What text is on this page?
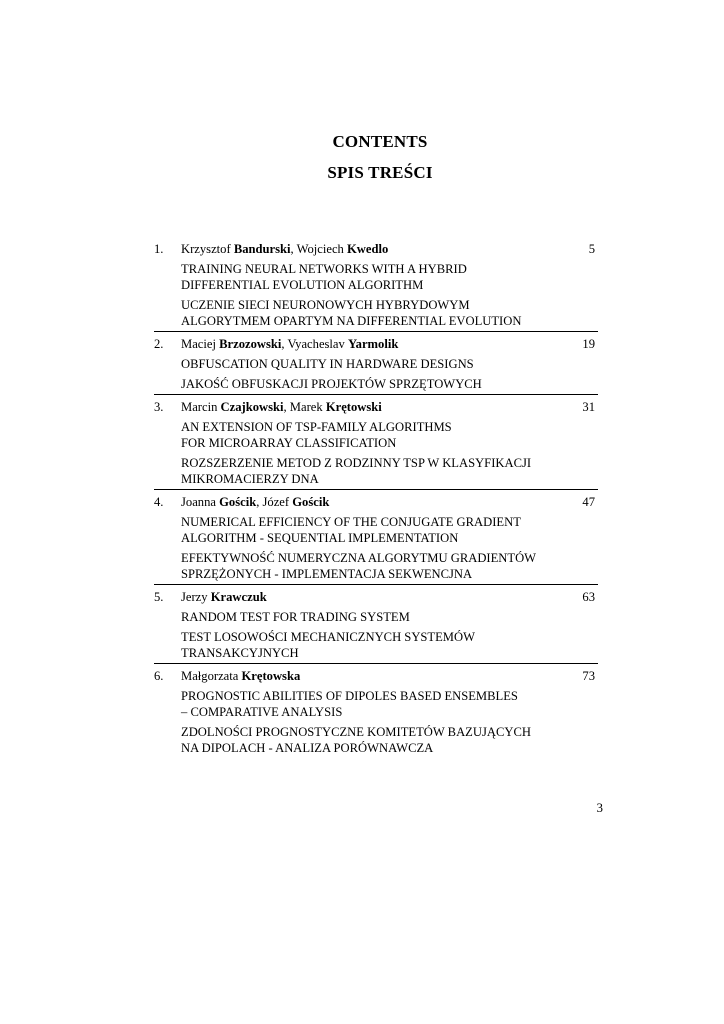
CONTENTS
SPIS TREŚCI
1. Krzysztof Bandurski, Wojciech Kwedlo	5
TRAINING NEURAL NETWORKS WITH A HYBRID
DIFFERENTIAL EVOLUTION ALGORITHM
UCZENIE SIECI NEURONOWYCH HYBRYDOWYM
ALGORYTMEM OPARTYM NA DIFFERENTIAL EVOLUTION
2. Maciej Brzozowski, Vyacheslav Yarmolik	19
OBFUSCATION QUALITY IN HARDWARE DESIGNS
JAKOŚĆ OBFUSKACJI PROJEKTÓW SPRZĘTOWYCH
3. Marcin Czajkowski, Marek Krętowski	31
AN EXTENSION OF TSP-FAMILY ALGORITHMS
FOR MICROARRAY CLASSIFICATION
ROZSZERZENIE METOD Z RODZINNY TSP W KLASYFIKACJI
MIKROMACIERZY DNA
4. Joanna Gościk, Józef Gościk	47
NUMERICAL EFFICIENCY OF THE CONJUGATE GRADIENT
ALGORITHM - SEQUENTIAL IMPLEMENTATION
EFEKTYWNOŚĆ NUMERYCZNA ALGORYTMU GRADIENTÓW
SPRZĘŻONYCH - IMPLEMENTACJA SEKWENCJNA
5. Jerzy Krawczuk	63
RANDOM TEST FOR TRADING SYSTEM
TEST LOSOWOŚCI MECHANICZNYCH SYSTEMÓW
TRANSAKCYJNYCH
6. Małgorzata Krętowska	73
PROGNOSTIC ABILITIES OF DIPOLES BASED ENSEMBLES
– COMPARATIVE ANALYSIS
ZDOLNOŚCI PROGNOSTYCZNE KOMITETÓW BAZUJĄCYCH
NA DIPOLACH - ANALIZA PORÓWNAWCZA
3
